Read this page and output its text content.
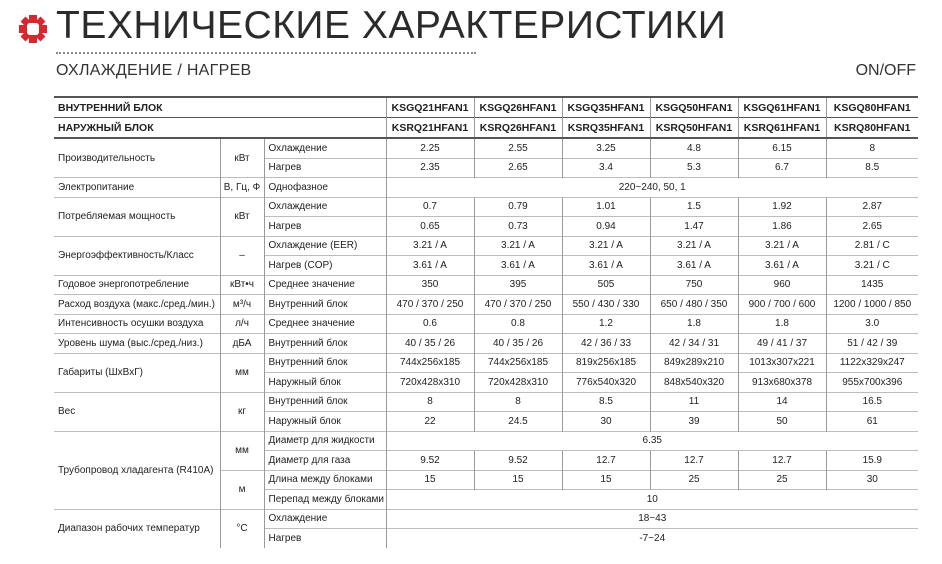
ТЕХНИЧЕСКИЕ ХАРАКТЕРИСТИКИ
ОХЛАЖДЕНИЕ / НАГРЕВ	ON/OFF
ВНУТРЕННИЙ БЛОК			KSGQ21HFAN1	KSGQ26HFAN1	KSGQ35HFAN1	KSGQ50HFAN1	KSGQ61HFAN1	KSGQ80HFAN1
НАРУЖНЫЙ БЛОК			KSRQ21HFAN1	KSRQ26HFAN1	KSRQ35HFAN1	KSRQ50HFAN1	KSRQ61HFAN1	KSRQ80HFAN1
Производительность	кВт	Охлаждение	2.25	2.55	3.25	4.8	6.15	8
		Нагрев	2.35	2.65	3.4	5.3	6.7	8.5
Электропитание	В, Гц, Ф	Однофазное	220~240, 50, 1					
Потребляемая мощность	кВт	Охлаждение	0.7	0.79	1.01	1.5	1.92	2.87
		Нагрев	0.65	0.73	0.94	1.47	1.86	2.65
Энергоэффективность/Класс	–	Охлаждение (EER)	3.21 / A	3.21 / A	3.21 / A	3.21 / A	3.21 / A	2.81 / C
		Нагрев (COP)	3.61 / A	3.61 / A	3.61 / A	3.61 / A	3.61 / A	3.21 / C
Годовое энергопотребление	кВт•ч	Среднее значение	350	395	505	750	960	1435
Расход воздуха (макс./сред./мин.)	м³/ч	Внутренний блок	470 / 370 / 250	470 / 370 / 250	550 / 430 / 330	650 / 480 / 350	900 / 700 / 600	1200 / 1000 / 850
Интенсивность осушки воздуха	л/ч	Среднее значение	0.6	0.8	1.2	1.8	1.8	3.0
Уровень шума (выс./сред./низ.)	дБА	Внутренний блок	40 / 35 / 26	40 / 35 / 26	42 / 36 / 33	42 / 34 / 31	49 / 41 / 37	51 / 42 / 39
Габариты (ШхВхГ)	мм	Внутренний блок	744x256x185	744x256x185	819x256x185	849x289x210	1013x307x221	1122x329x247
		Наружный блок	720x428x310	720x428x310	776x540x320	848x540x320	913x680x378	955x700x396
Вес	кг	Внутренний блок	8	8	8.5	11	14	16.5
		Наружный блок	22	24.5	30	39	50	61
Трубопровод хладагента (R410A)	мм	Диаметр для жидкости	6.35					
		Диаметр для газа	9.52	9.52	12.7	12.7	12.7	15.9
	м	Длина между блоками	15	15	15	25	25	30
		Перепад между блоками	10					
Диапазон рабочих температур	°С	Охлаждение	18~43					
		Нагрев	-7~24					
